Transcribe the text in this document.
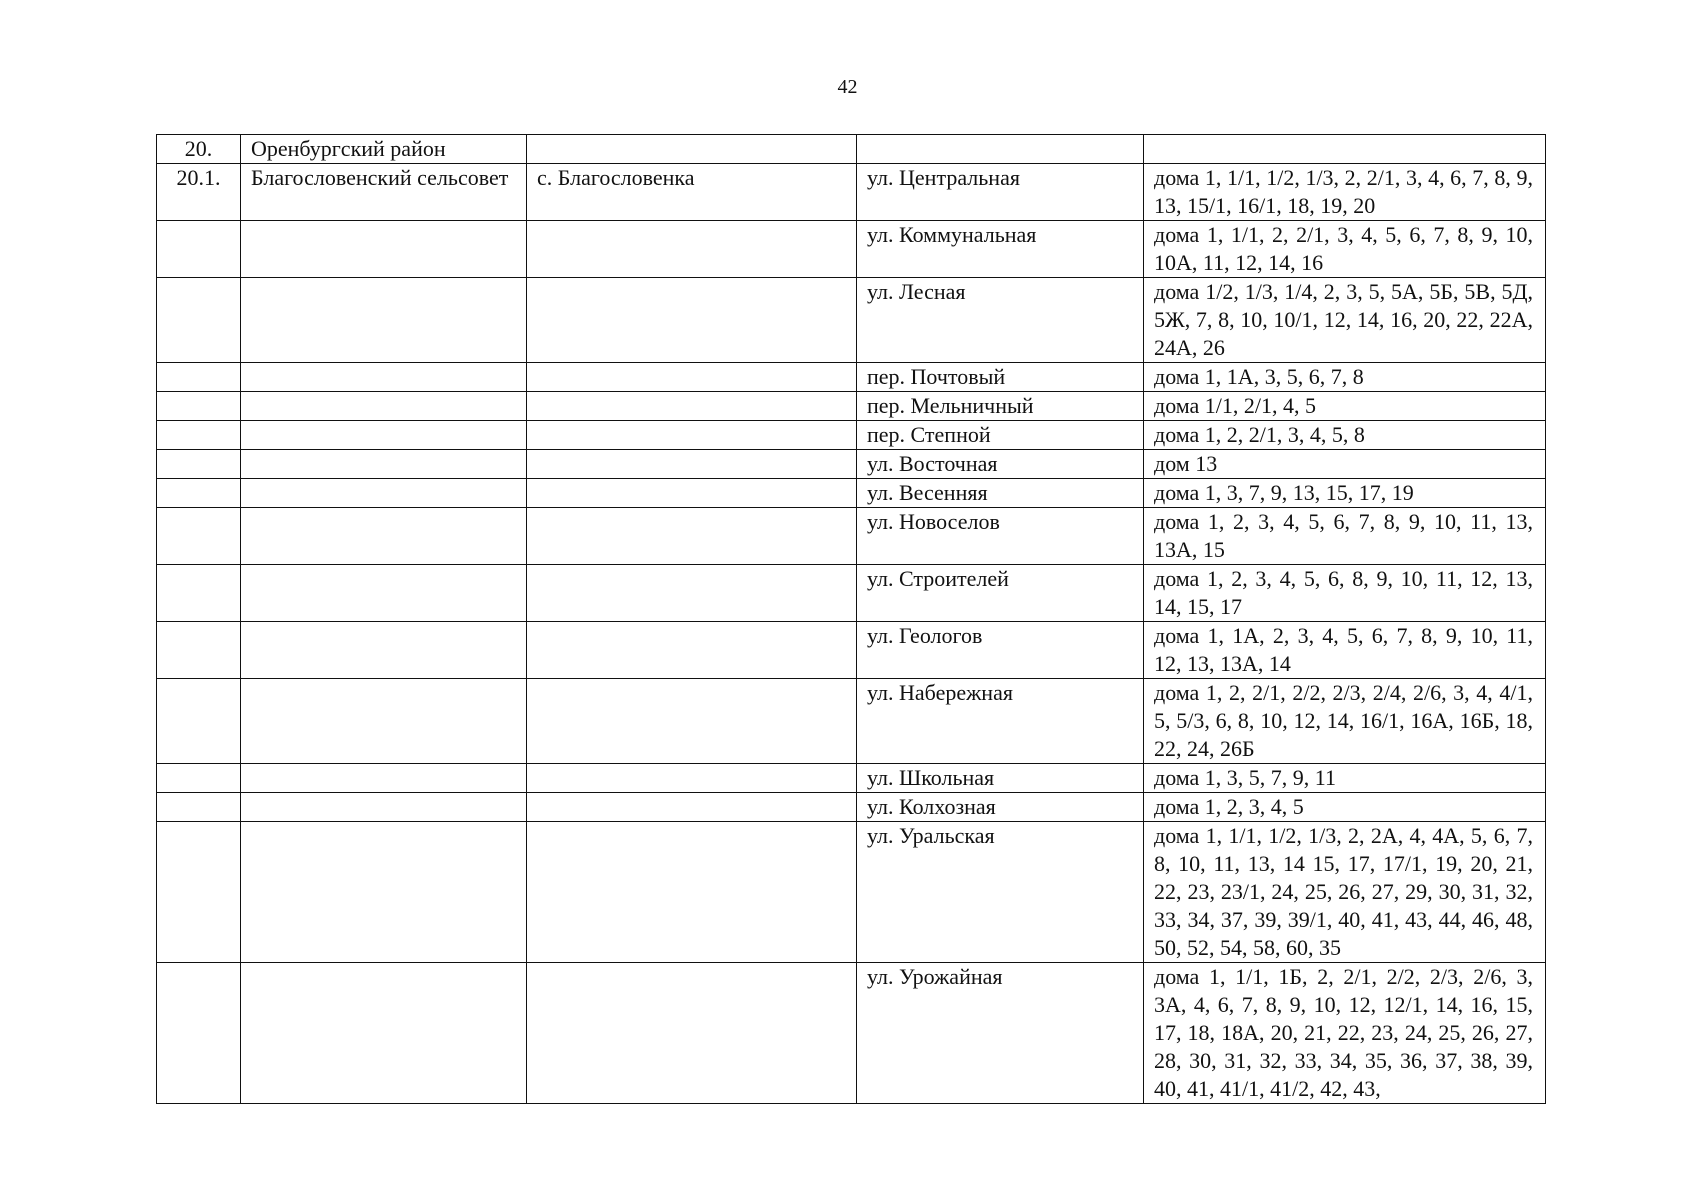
42
20.	Оренбургский район			
20.1.	Благословенский сельсовет	с. Благословенка	ул. Центральная	дома 1, 1/1, 1/2, 1/3, 2, 2/1, 3, 4, 6, 7, 8, 9, 13, 15/1, 16/1, 18, 19, 20
			ул. Коммунальная	дома 1, 1/1, 2, 2/1, 3, 4, 5, 6, 7, 8, 9, 10, 10А, 11, 12, 14, 16
			ул. Лесная	дома 1/2, 1/3, 1/4, 2, 3, 5, 5А, 5Б, 5В, 5Д, 5Ж, 7, 8, 10, 10/1, 12, 14, 16, 20, 22, 22А, 24А, 26
			пер. Почтовый	дома 1, 1А, 3, 5, 6, 7, 8
			пер. Мельничный	дома 1/1, 2/1, 4, 5
			пер. Степной	дома 1, 2, 2/1, 3, 4, 5, 8
			ул. Восточная	дом 13
			ул. Весенняя	дома 1, 3, 7, 9, 13, 15, 17, 19
			ул. Новоселов	дома 1, 2, 3, 4, 5, 6, 7, 8, 9, 10, 11, 13, 13А, 15
			ул. Строителей	дома 1, 2, 3, 4, 5, 6, 8, 9, 10, 11, 12, 13, 14, 15, 17
			ул. Геологов	дома 1, 1А, 2, 3, 4, 5, 6, 7, 8, 9, 10, 11, 12, 13, 13А, 14
			ул. Набережная	дома 1, 2, 2/1, 2/2, 2/3, 2/4, 2/6, 3, 4, 4/1, 5, 5/3, 6, 8, 10, 12, 14, 16/1, 16А, 16Б, 18, 22, 24, 26Б
			ул. Школьная	дома 1, 3, 5, 7, 9, 11
			ул. Колхозная	дома 1, 2, 3, 4, 5
			ул. Уральская	дома 1, 1/1, 1/2, 1/3, 2, 2А, 4, 4А, 5, 6, 7, 8, 10, 11, 13, 14 15, 17, 17/1, 19, 20, 21, 22, 23, 23/1, 24, 25, 26, 27, 29, 30, 31, 32, 33, 34, 37, 39, 39/1, 40, 41, 43, 44, 46, 48, 50, 52, 54, 58, 60, 35
			ул. Урожайная	дома 1, 1/1, 1Б, 2, 2/1, 2/2, 2/3, 2/6, 3, 3А, 4, 6, 7, 8, 9, 10, 12, 12/1, 14, 16, 15, 17, 18, 18А, 20, 21, 22, 23, 24, 25, 26, 27, 28, 30, 31, 32, 33, 34, 35, 36, 37, 38, 39, 40, 41, 41/1, 41/2, 42, 43,
